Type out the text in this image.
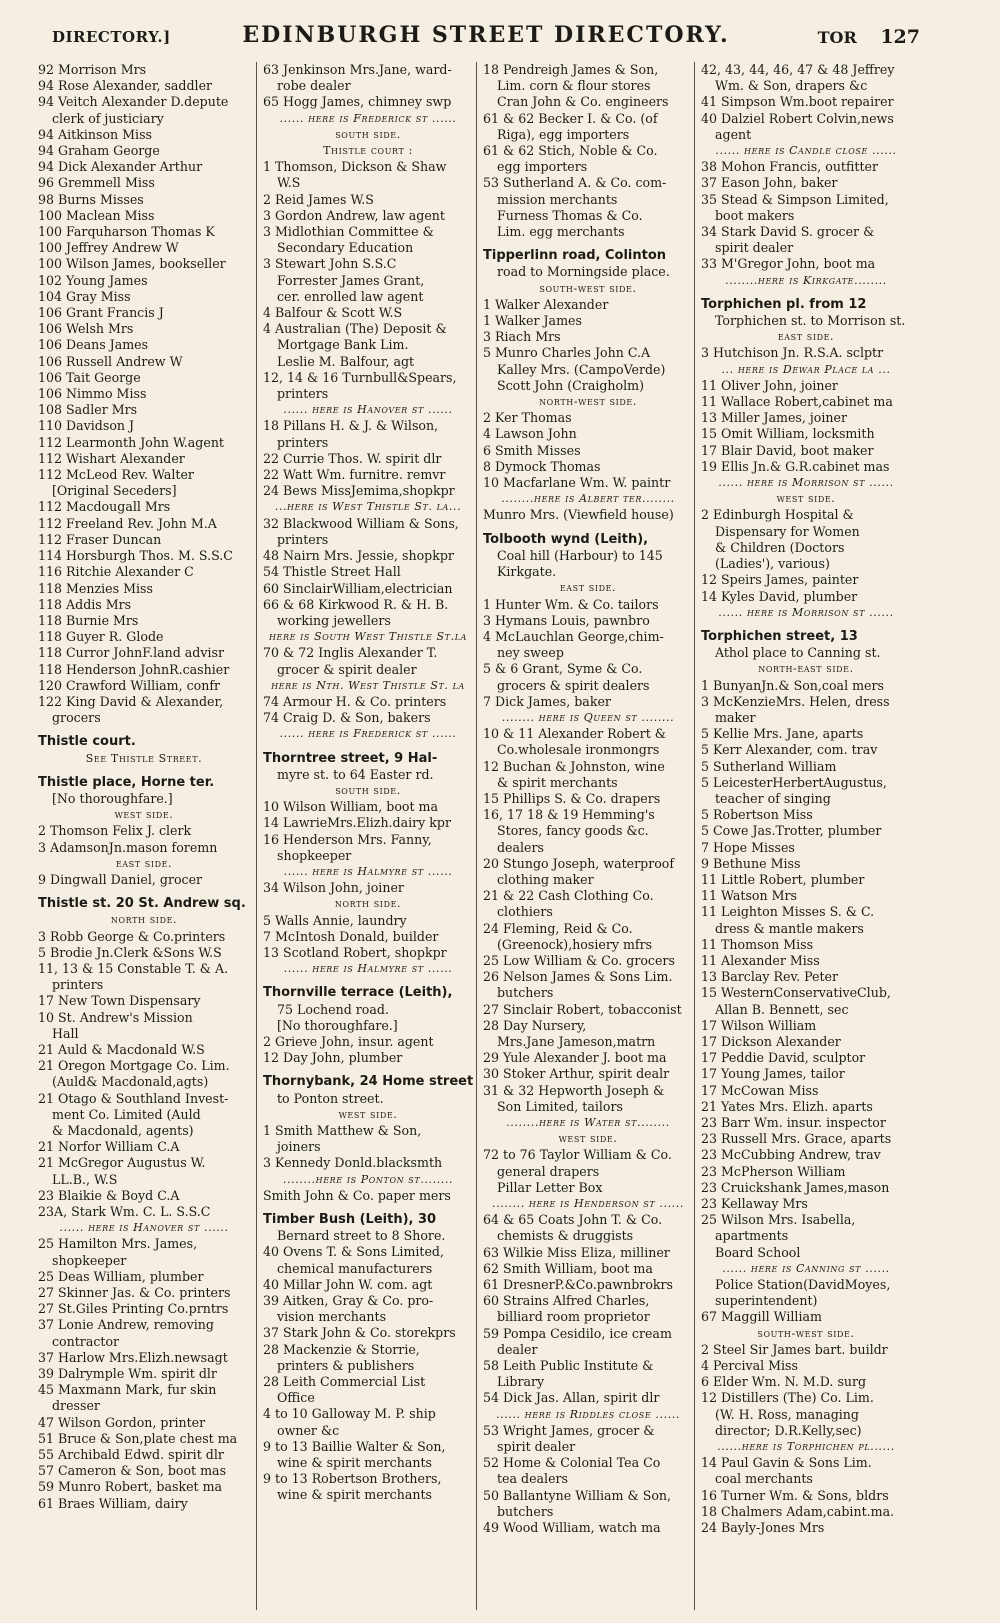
DIRECTORY.]	EDINBURGH STREET DIRECTORY.	TOR 127
92 Morrison Mrs
94 Rose Alexander, saddler
94 Veitch Alexander D.depute
clerk of justiciary
94 Aitkinson Miss
94 Graham George
94 Dick Alexander Arthur
96 Gremmell Miss
98 Burns Misses
100 Maclean Miss
100 Farquharson Thomas K
100 Jeffrey Andrew W
100 Wilson James, bookseller
102 Young James
104 Gray Miss
106 Grant Francis J
106 Welsh Mrs
106 Deans James
106 Russell Andrew W
106 Tait George
106 Nimmo Miss
108 Sadler Mrs
110 Davidson J
112 Learmonth John W.agent
112 Wishart Alexander
112 McLeod Rev. Walter
[Original Seceders]
112 Macdougall Mrs
112 Freeland Rev. John M.A
112 Fraser Duncan
114 Horsburgh Thos. M. S.S.C
116 Ritchie Alexander C
118 Menzies Miss
118 Addis Mrs
118 Burnie Mrs
118 Guyer R. Glode
118 Curror JohnF.land advisr
118 Henderson JohnR.cashier
120 Crawford William, confr
122 King David & Alexander,
grocers
Thistle court.
See Thistle Street.
Thistle place, Horne ter.
[No thoroughfare.]
west side.
2 Thomson Felix J. clerk
3 AdamsonJn.mason foremn
east side.
9 Dingwall Daniel, grocer
Thistle st. 20 St. Andrew sq.
north side.
3 Robb George & Co.printers
5 Brodie Jn.Clerk &Sons W.S
11, 13 & 15 Constable T. & A.
printers
17 New Town Dispensary
10 St. Andrew's Mission
Hall
21 Auld & Macdonald W.S
21 Oregon Mortgage Co. Lim.
(Auld& Macdonald,agts)
21 Otago & Southland Invest-
ment Co. Limited (Auld
& Macdonald, agents)
21 Norfor William C.A
21 McGregor Augustus W.
LL.B., W.S
23 Blaikie & Boyd C.A
23A, Stark Wm. C. L. S.S.C
...... here is Hanover st ......
25 Hamilton Mrs. James,
shopkeeper
25 Deas William, plumber
27 Skinner Jas. & Co. printers
27 St.Giles Printing Co.prntrs
37 Lonie Andrew, removing
contractor
37 Harlow Mrs.Elizh.newsagt
39 Dalrymple Wm. spirit dlr
45 Maxmann Mark, fur skin
dresser
47 Wilson Gordon, printer
51 Bruce & Son,plate chest ma
55 Archibald Edwd. spirit dlr
57 Cameron & Son, boot mas
59 Munro Robert, basket ma
61 Braes William, dairy
63 Jenkinson Mrs.Jane, ward-
robe dealer
65 Hogg James, chimney swp
...... here is Frederick st ......
south side.
Thistle court :
1 Thomson, Dickson & Shaw
W.S
2 Reid James W.S
3 Gordon Andrew, law agent
3 Midlothian Committee &
Secondary Education
3 Stewart John S.S.C
Forrester James Grant,
cer. enrolled law agent
4 Balfour & Scott W.S
4 Australian (The) Deposit &
Mortgage Bank Lim.
Leslie M. Balfour, agt
12, 14 & 16 Turnbull&Spears,
printers
...... here is Hanover st ......
18 Pillans H. & J. & Wilson,
printers
22 Currie Thos. W. spirit dlr
22 Watt Wm. furnitre. remvr
24 Bews MissJemima,shopkpr
...here is West Thistle St. la...
32 Blackwood William & Sons,
printers
48 Nairn Mrs. Jessie, shopkpr
54 Thistle Street Hall
60 SinclairWilliam,electrician
66 & 68 Kirkwood R. & H. B.
working jewellers
here is South West Thistle St.la
70 & 72 Inglis Alexander T.
grocer & spirit dealer
here is Nth. West Thistle St. la
74 Armour H. & Co. printers
74 Craig D. & Son, bakers
...... here is Frederick st ......
Thorntree street, 9 Hal-
myre st. to 64 Easter rd.
south side.
10 Wilson William, boot ma
14 LawrieMrs.Elizh.dairy kpr
16 Henderson Mrs. Fanny,
shopkeeper
...... here is Halmyre st ......
34 Wilson John, joiner
north side.
5 Walls Annie, laundry
7 McIntosh Donald, builder
13 Scotland Robert, shopkpr
...... here is Halmyre st ......
Thornville terrace (Leith),
75 Lochend road.
[No thoroughfare.]
2 Grieve John, insur. agent
12 Day John, plumber
Thornybank, 24 Home street
to Ponton street.
west side.
1 Smith Matthew & Son,
joiners
3 Kennedy Donld.blacksmth
........here is Ponton st........
Smith John & Co. paper mers
Timber Bush (Leith), 30
Bernard street to 8 Shore.
40 Ovens T. & Sons Limited,
chemical manufacturers
40 Millar John W. com. agt
39 Aitken, Gray & Co. pro-
vision merchants
37 Stark John & Co. storekprs
28 Mackenzie & Storrie,
printers & publishers
28 Leith Commercial List
Office
4 to 10 Galloway M. P. ship
owner &c
9 to 13 Baillie Walter & Son,
wine & spirit merchants
9 to 13 Robertson Brothers,
wine & spirit merchants
18 Pendreigh James & Son,
Lim. corn & flour stores
Cran John & Co. engineers
61 & 62 Becker I. & Co. (of
Riga), egg importers
61 & 62 Stich, Noble & Co.
egg importers
53 Sutherland A. & Co. com-
mission merchants
Furness Thomas & Co.
Lim. egg merchants
Tipperlinn road, Colinton
road to Morningside place.
south-west side.
1 Walker Alexander
1 Walker James
3 Riach Mrs
5 Munro Charles John C.A
Kalley Mrs. (CampoVerde)
Scott John (Craigholm)
north-west side.
2 Ker Thomas
4 Lawson John
6 Smith Misses
8 Dymock Thomas
10 Macfarlane Wm. W. paintr
........here is Albert ter........
Munro Mrs. (Viewfield house)
Tolbooth wynd (Leith),
Coal hill (Harbour) to 145
Kirkgate.
east side.
1 Hunter Wm. & Co. tailors
3 Hymans Louis, pawnbro
4 McLauchlan George,chim-
ney sweep
5 & 6 Grant, Syme & Co.
grocers & spirit dealers
7 Dick James, baker
........ here is Queen st ........
10 & 11 Alexander Robert &
Co.wholesale ironmongrs
12 Buchan & Johnston, wine
& spirit merchants
15 Phillips S. & Co. drapers
16, 17 18 & 19 Hemming's
Stores, fancy goods &c.
dealers
20 Stungo Joseph, waterproof
clothing maker
21 & 22 Cash Clothing Co.
clothiers
24 Fleming, Reid & Co.
(Greenock),hosiery mfrs
25 Low William & Co. grocers
26 Nelson James & Sons Lim.
butchers
27 Sinclair Robert, tobacconist
28 Day Nursery,
Mrs.Jane Jameson,matrn
29 Yule Alexander J. boot ma
30 Stoker Arthur, spirit dealr
31 & 32 Hepworth Joseph &
Son Limited, tailors
........here is Water st........
west side.
72 to 76 Taylor William & Co.
general drapers
Pillar Letter Box
........ here is Henderson st ......
64 & 65 Coats John T. & Co.
chemists & druggists
63 Wilkie Miss Eliza, milliner
62 Smith William, boot ma
61 DresnerP.&Co.pawnbrokrs
60 Strains Alfred Charles,
billiard room proprietor
59 Pompa Cesidilo, ice cream
dealer
58 Leith Public Institute &
Library
54 Dick Jas. Allan, spirit dlr
...... here is Riddles close ......
53 Wright James, grocer &
spirit dealer
52 Home & Colonial Tea Co
tea dealers
50 Ballantyne William & Son,
butchers
49 Wood William, watch ma
42, 43, 44, 46, 47 & 48 Jeffrey
Wm. & Son, drapers &c
41 Simpson Wm.boot repairer
40 Dalziel Robert Colvin,news
agent
...... here is Candle close ......
38 Mohon Francis, outfitter
37 Eason John, baker
35 Stead & Simpson Limited,
boot makers
34 Stark David S. grocer &
spirit dealer
33 M'Gregor John, boot ma
........here is Kirkgate........
Torphichen pl. from 12
Torphichen st. to Morrison st.
east side.
3 Hutchison Jn. R.S.A. sclptr
... here is Dewar Place la ...
11 Oliver John, joiner
11 Wallace Robert,cabinet ma
13 Miller James, joiner
15 Omit William, locksmith
17 Blair David, boot maker
19 Ellis Jn.& G.R.cabinet mas
...... here is Morrison st ......
west side.
2 Edinburgh Hospital &
Dispensary for Women
& Children (Doctors
(Ladies'), various)
12 Speirs James, painter
14 Kyles David, plumber
...... here is Morrison st ......
Torphichen street, 13
Athol place to Canning st.
north-east side.
1 BunyanJn.& Son,coal mers
3 McKenzieMrs. Helen, dress
maker
5 Kellie Mrs. Jane, aparts
5 Kerr Alexander, com. trav
5 Sutherland William
5 LeicesterHerbertAugustus,
teacher of singing
5 Robertson Miss
5 Cowe Jas.Trotter, plumber
7 Hope Misses
9 Bethune Miss
11 Little Robert, plumber
11 Watson Mrs
11 Leighton Misses S. & C.
dress & mantle makers
11 Thomson Miss
11 Alexander Miss
13 Barclay Rev. Peter
15 WesternConservativeClub,
Allan B. Bennett, sec
17 Wilson William
17 Dickson Alexander
17 Peddie David, sculptor
17 Young James, tailor
17 McCowan Miss
21 Yates Mrs. Elizh. aparts
23 Barr Wm. insur. inspector
23 Russell Mrs. Grace, aparts
23 McCubbing Andrew, trav
23 McPherson William
23 Cruickshank James,mason
23 Kellaway Mrs
25 Wilson Mrs. Isabella,
apartments
Board School
...... here is Canning st ......
Police Station(DavidMoyes,
superintendent)
67 Maggill William
south-west side.
2 Steel Sir James bart. buildr
4 Percival Miss
6 Elder Wm. N. M.D. surg
12 Distillers (The) Co. Lim.
(W. H. Ross, managing
director; D.R.Kelly,sec)
......here is Torphichen pl......
14 Paul Gavin & Sons Lim.
coal merchants
16 Turner Wm. & Sons, bldrs
18 Chalmers Adam,cabint.ma.
24 Bayly-Jones Mrs
